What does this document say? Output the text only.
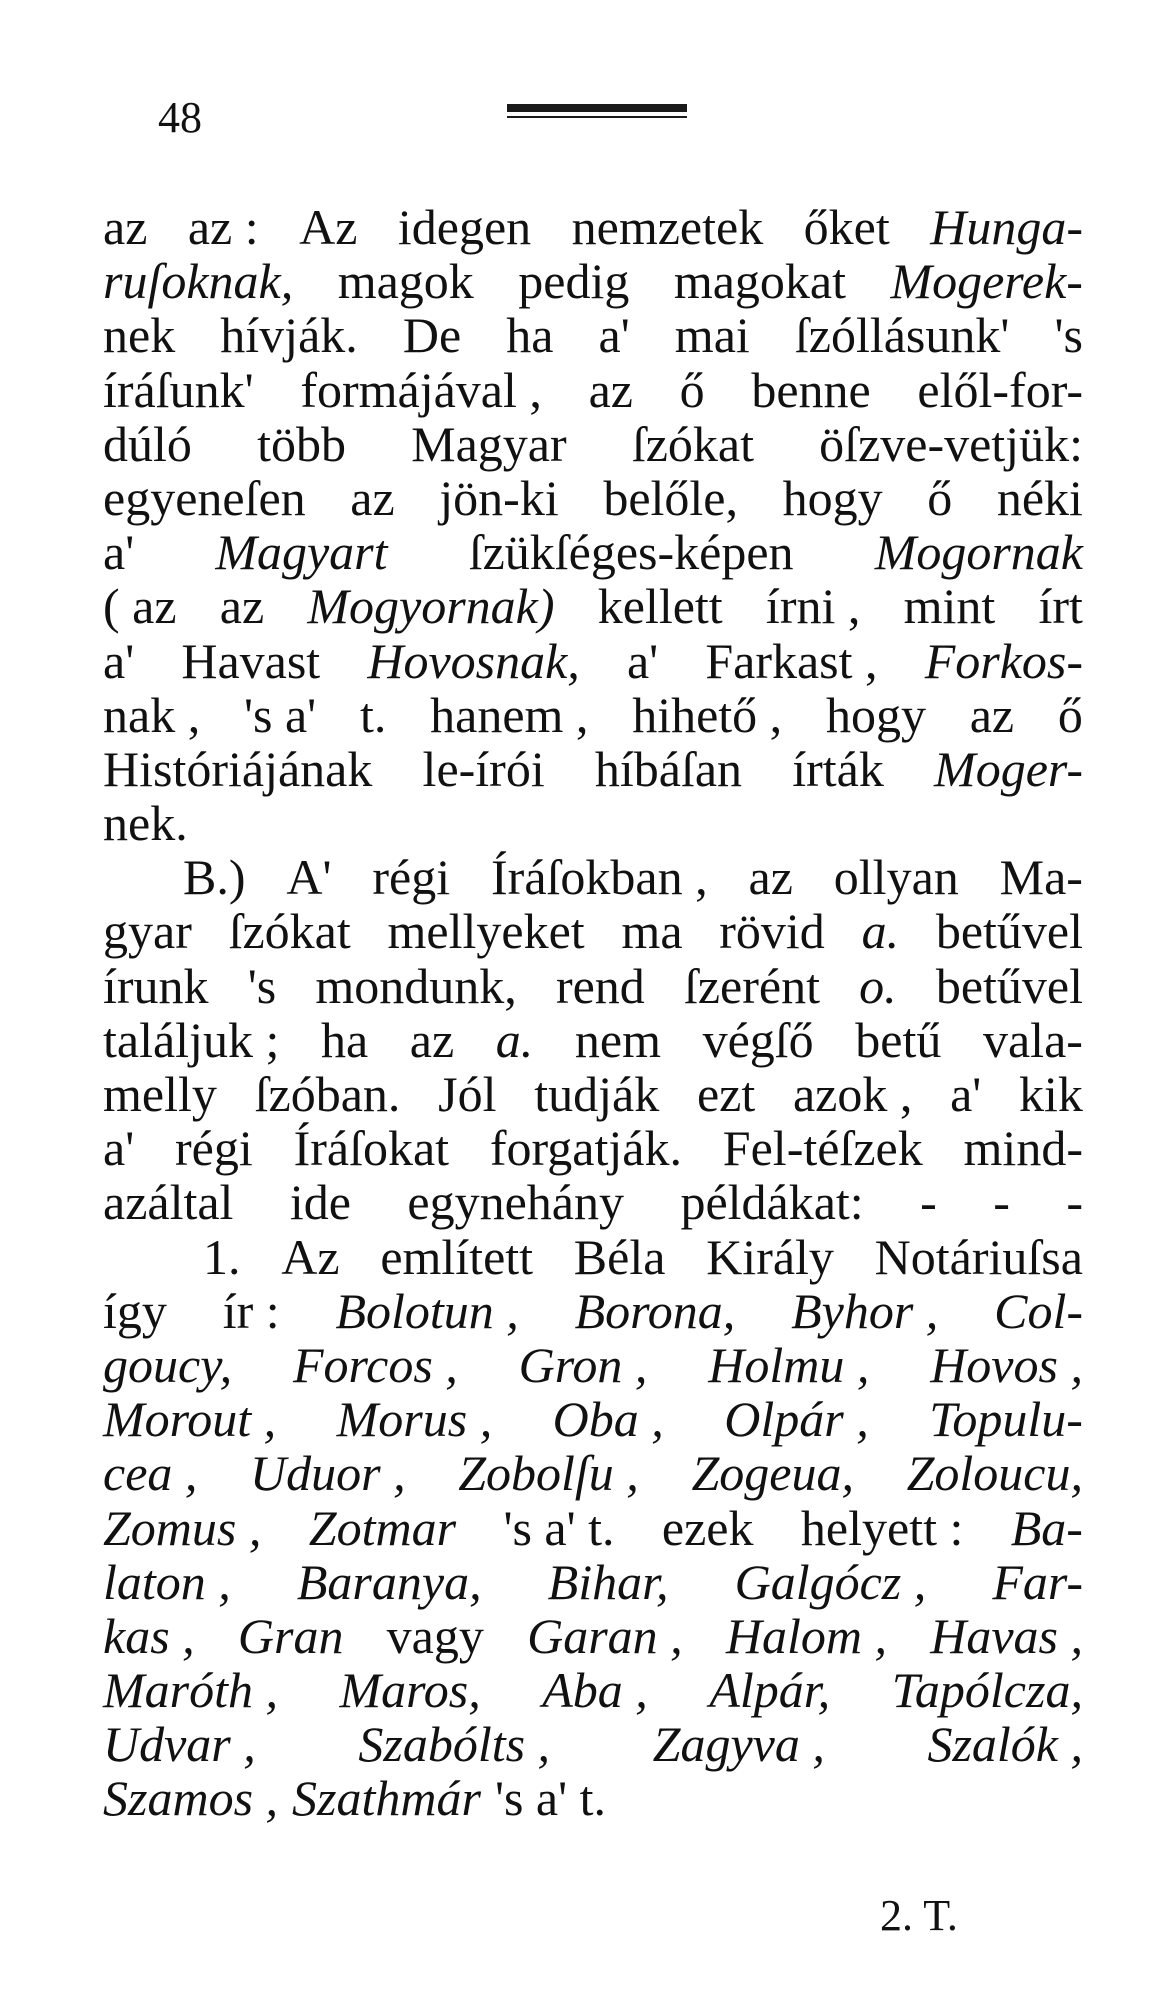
48
az az : Az idegen nemzetek őket Hunga-
ruſoknak, magok pedig magokat Mogerek-
nek hívják. De ha a' mai ſzóllásunk' 's
íráſunk' formájával , az ő benne elől-for-
dúló több Magyar ſzókat öſzve-vetjük:
egyeneſen az jön-ki belőle, hogy ő néki
a' Magyart ſzükſéges-képen Mogornak
( az az Mogyornak) kellett írni , mint írt
a' Havast Hovosnak, a' Farkast , Forkos-
nak , 's a' t. hanem , hihető , hogy az ő
Históriájának le-írói híbáſan írták Moger-
nek.
B.) A' régi Íráſokban , az ollyan Ma-
gyar ſzókat mellyeket ma rövid a. betűvel
írunk 's mondunk, rend ſzerént o. betűvel
találjuk ; ha az a. nem végſő betű vala-
melly ſzóban. Jól tudják ezt azok , a' kik
a' régi Íráſokat forgatják. Fel-téſzek mind-
azáltal ide egynehány példákat: - - -
1. Az említett Béla Király Notáriuſsa
így ír : Bolotun , Borona, Byhor , Col-
goucy, Forcos , Gron , Holmu , Hovos ,
Morout , Morus , Oba , Olpár , Topulu-
cea , Uduor , Zobolſu , Zogeua, Zoloucu,
Zomus , Zotmar 's a' t. ezek helyett : Ba-
laton , Baranya, Bihar, Galgócz , Far-
kas , Gran vagy Garan , Halom , Havas ,
Maróth , Maros, Aba , Alpár, Tapólcza,
Udvar , Szabólts , Zagyva , Szalók ,
Szamos , Szathmár 's a' t.
2. T.
